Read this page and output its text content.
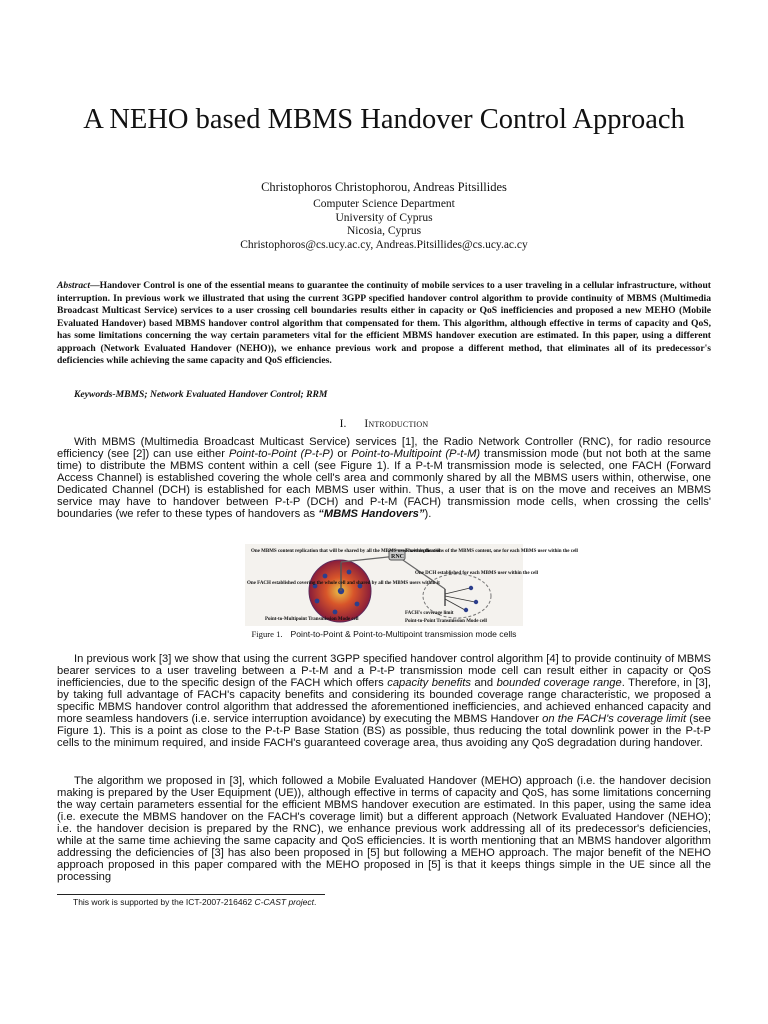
A NEHO based MBMS Handover Control Approach
Christophoros Christophorou, Andreas Pitsillides
Computer Science Department
University of Cyprus
Nicosia, Cyprus
Christophoros@cs.ucy.ac.cy, Andreas.Pitsillides@cs.ucy.ac.cy
Abstract—Handover Control is one of the essential means to guarantee the continuity of mobile services to a user traveling in a cellular infrastructure, without interruption. In previous work we illustrated that using the current 3GPP specified handover control algorithm to provide continuity of MBMS (Multimedia Broadcast Multicast Service) services to a user crossing cell boundaries results either in capacity or QoS inefficiencies and proposed a new MEHO (Mobile Evaluated Handover) based MBMS handover control algorithm that compensated for them. This algorithm, although effective in terms of capacity and QoS, has some limitations concerning the way certain parameters vital for the efficient MBMS handover execution are estimated. In this paper, using a different approach (Network Evaluated Handover (NEHO)), we enhance previous work and propose a different method, that eliminates all of its predecessor's deficiencies while achieving the same capacity and QoS efficiencies.
Keywords-MBMS; Network Evaluated Handover Control; RRM
I. Introduction

With MBMS (Multimedia Broadcast Multicast Service) services [1], the Radio Network Controller (RNC), for radio resource efficiency (see [2]) can use either Point-to-Point (P-t-P) or Point-to-Multipoint (P-t-M) transmission mode (but not both at the same time) to distribute the MBMS content within a cell (see Figure 1). If a P-t-M transmission mode is selected, one FACH (Forward Access Channel) is established covering the whole cell's area and commonly shared by all the MBMS users within, otherwise, one Dedicated Channel (DCH) is established for each MBMS user within. Thus, a user that is on the move and receives an MBMS service may have to handover between P-t-P (DCH) and P-t-M (FACH) transmission mode cells, when crossing the cells' boundaries (we refer to these types of handovers as “MBMS Handovers”).

RNC
One MBMS content replication that will be shared by all the MBMS users within the cell
One FACH established covering the whole cell and shared by all the MBMS users within it
Point-to-Multipoint Transmission Mode cell
Three replications of the MBMS content, one for each MBMS user within the cell
One DCH established for each MBMS user within the cell
FACH's coverage limit
Point-to-Point Transmission Mode cell
Figure 1. Point-to-Point & Point-to-Multipoint transmission mode cells

In previous work [3] we show that using the current 3GPP specified handover control algorithm [4] to provide continuity of MBMS bearer services to a user traveling between a P-t-M and a P-t-P transmission mode cell can result either in capacity or QoS inefficiencies, due to the specific design of the FACH which offers capacity benefits and bounded coverage range. Therefore, in [3], by taking full advantage of FACH's capacity benefits and considering its bounded coverage range characteristic, we proposed a specific MBMS handover control algorithm that addressed the aforementioned inefficiencies, and achieved enhanced capacity and more seamless handovers (i.e. service interruption avoidance) by executing the MBMS Handover on the FACH's coverage limit (see Figure 1). This is a point as close to the P-t-P Base Station (BS) as possible, thus reducing the total downlink power in the P-t-P cells to the minimum required, and inside FACH's guaranteed coverage area, thus avoiding any QoS degradation during handover.

The algorithm we proposed in [3], which followed a Mobile Evaluated Handover (MEHO) approach (i.e. the handover decision making is prepared by the User Equipment (UE)), although effective in terms of capacity and QoS, has some limitations concerning the way certain parameters essential for the efficient MBMS handover execution are estimated. In this paper, using the same idea (i.e. execute the MBMS handover on the FACH's coverage limit) but a different approach (Network Evaluated Handover (NEHO); i.e. the handover decision is prepared by the RNC), we enhance previous work addressing all of its predecessor's deficiencies, while at the same time achieving the same capacity and QoS efficiencies. It is worth mentioning that an MBMS handover algorithm addressing the deficiencies of [3] has also been proposed in [5] but following a MEHO approach. The major benefit of the NEHO approach proposed in this paper compared with the MEHO proposed in [5] is that it keeps things simple in the UE since all the processing

This work is supported by the ICT-2007-216462 C-CAST project.
